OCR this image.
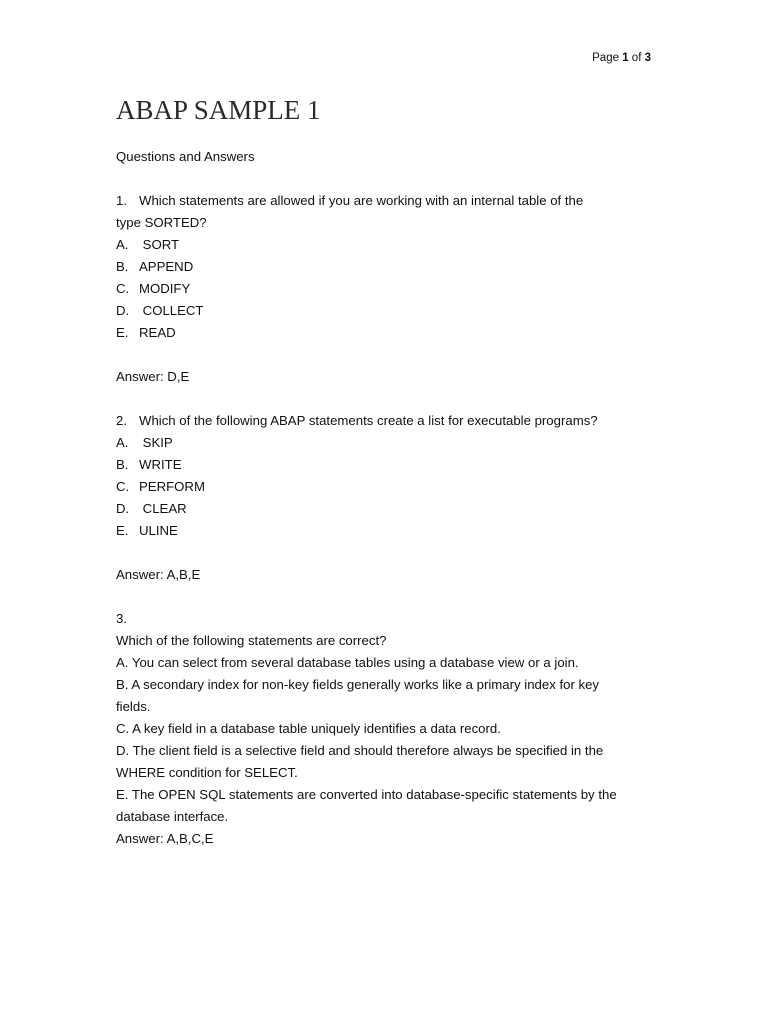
Page 1 of 3
ABAP SAMPLE 1
Questions and Answers
1. Which statements are allowed if you are working with an internal table of the
type SORTED?
A. SORT
B. APPEND
C. MODIFY
D. COLLECT
E. READ
Answer: D,E
2. Which of the following ABAP statements create a list for executable programs?
A. SKIP
B. WRITE
C. PERFORM
D. CLEAR
E. ULINE
Answer: A,B,E
3.
Which of the following statements are correct?
A. You can select from several database tables using a database view or a join.
B. A secondary index for non-key fields generally works like a primary index for key
fields.
C. A key field in a database table uniquely identifies a data record.
D. The client field is a selective field and should therefore always be specified in the
WHERE condition for SELECT.
E. The OPEN SQL statements are converted into database-specific statements by the
database interface.
Answer: A,B,C,E
